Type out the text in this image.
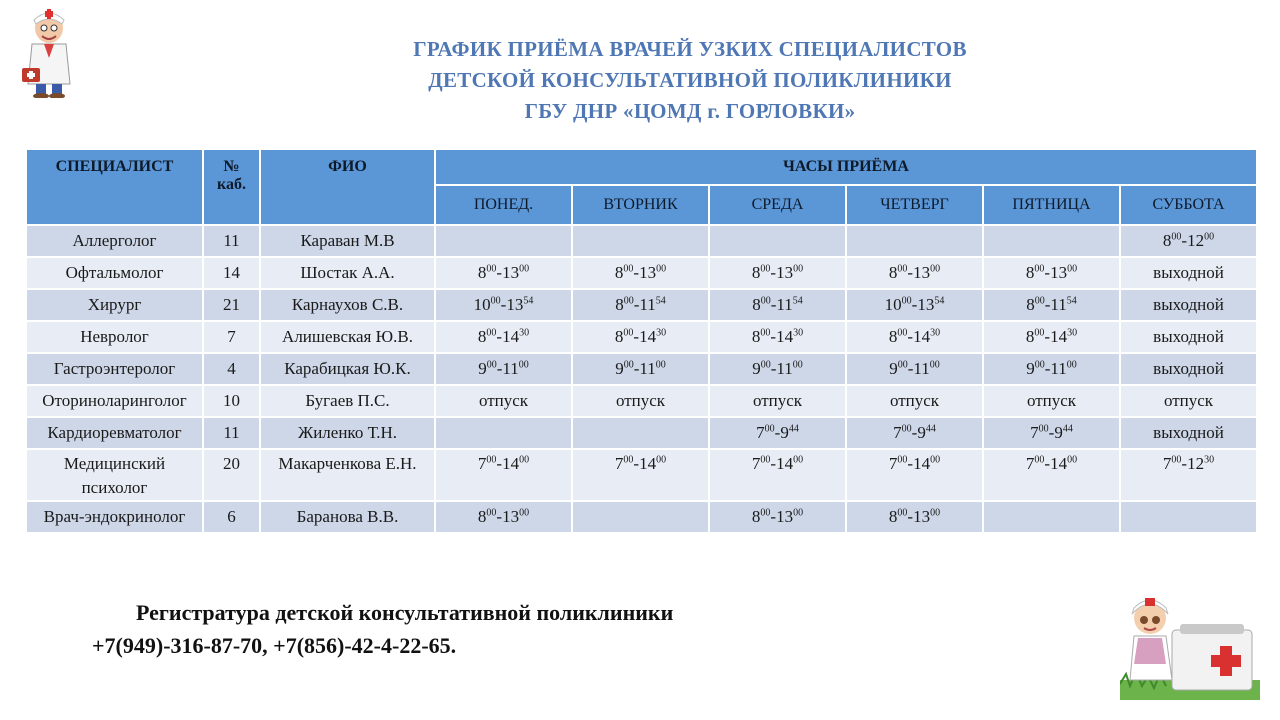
ГРАФИК ПРИЁМА ВРАЧЕЙ УЗКИХ СПЕЦИАЛИСТОВ
ДЕТСКОЙ КОНСУЛЬТАТИВНОЙ ПОЛИКЛИНИКИ
ГБУ ДНР «ЦОМД г. ГОРЛОВКИ»
СПЕЦИАЛИСТ	№ каб.	ФИО	ЧАСЫ ПРИЁМА					
			ПОНЕД.	ВТОРНИК	СРЕДА	ЧЕТВЕРГ	ПЯТНИЦА	СУББОТА
Аллерголог	11	Караван М.В						$8^{00}-12^{00}$
Офтальмолог	14	Шостак А.А.	$8^{00}-13^{00}$	$8^{00}-13^{00}$	$8^{00}-13^{00}$	$8^{00}-13^{00}$	$8^{00}-13^{00}$	выходной
Хирург	21	Карнаухов С.В.	$10^{00}-13^{54}$	$8^{00}-11^{54}$	$8^{00}-11^{54}$	$10^{00}-13^{54}$	$8^{00}-11^{54}$	выходной
Невролог	7	Алишевская Ю.В.	$8^{00}-14^{30}$	$8^{00}-14^{30}$	$8^{00}-14^{30}$	$8^{00}-14^{30}$	$8^{00}-14^{30}$	выходной
Гастроэнтеролог	4	Карабицкая Ю.К.	$9^{00}-11^{00}$	$9^{00}-11^{00}$	$9^{00}-11^{00}$	$9^{00}-11^{00}$	$9^{00}-11^{00}$	выходной
Оториноларинголог	10	Бугаев П.С.	отпуск	отпуск	отпуск	отпуск	отпуск	отпуск
Кардиоревматолог	11	Жиленко Т.Н.			$7^{00}-9^{44}$	$7^{00}-9^{44}$	$7^{00}-9^{44}$	выходной
Медицинский психолог	20	Макарченкова Е.Н.	$7^{00}-14^{00}$	$7^{00}-14^{00}$	$7^{00}-14^{00}$	$7^{00}-14^{00}$	$7^{00}-14^{00}$	$7^{00}-12^{30}$
Врач-эндокринолог	6	Баранова В.В.	$8^{00}-13^{00}$		$8^{00}-13^{00}$	$8^{00}-13^{00}$		
Регистратура детской консультативной поликлиники
+7(949)-316-87-70, +7(856)-42-4-22-65.
